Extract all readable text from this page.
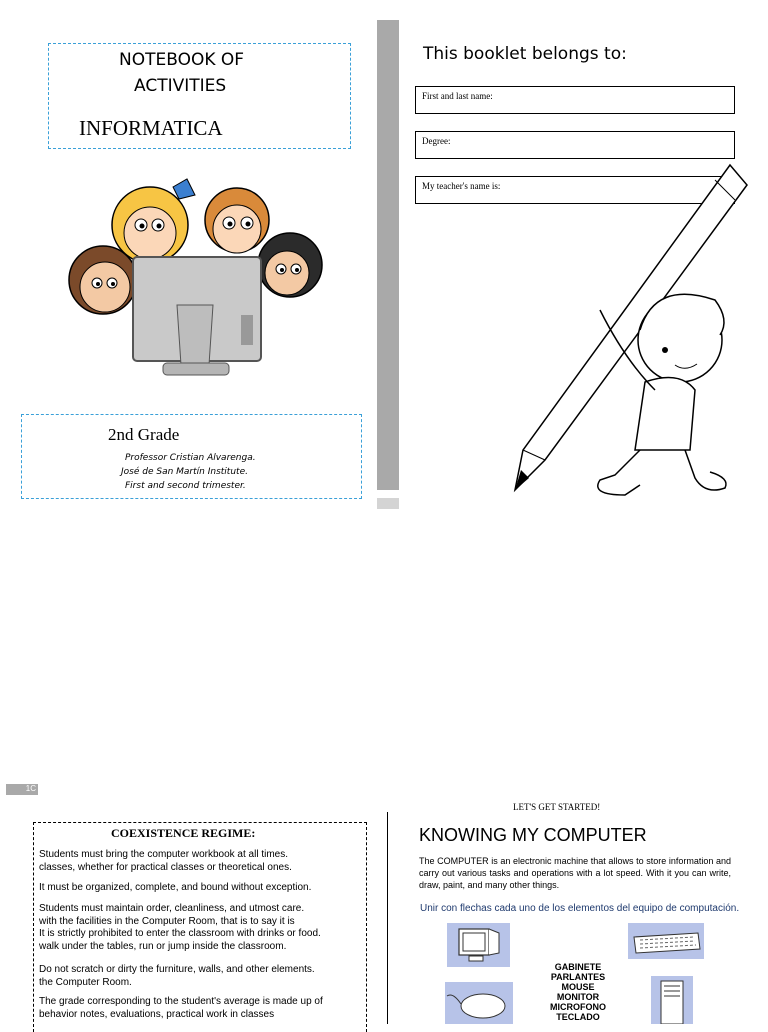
NOTEBOOK OF
ACTIVITIES
INFORMATICA
2nd Grade
Professor Cristian Alvarenga.
José de San Martín Institute.
First and second trimester.
This booklet belongs to:
First and last name:
Degree:
My teacher's name is:
1C
COEXISTENCE REGIME:

Students must bring the computer workbook at all times.

classes, whether for practical classes or theoretical ones.

It must be organized, complete, and bound without exception.

Students must maintain order, cleanliness, and utmost care.

with the facilities in the Computer Room, that is to say it is

It is strictly prohibited to enter the classroom with drinks or food.

walk under the tables, run or jump inside the classroom.

Do not scratch or dirty the furniture, walls, and other elements.

the Computer Room.

The grade corresponding to the student's average is made up of

behavior notes, evaluations, practical work in classes

LET'S GET STARTED!
KNOWING MY COMPUTER
The COMPUTER is an electronic machine that allows to store information and carry out various tasks and operations with a lot speed. With it you can write, draw, paint, and many other things.
Unir con flechas cada uno de los elementos del equipo de computación.
GABINETE
PARLANTES
MOUSE
MONITOR
MICROFONO
TECLADO
